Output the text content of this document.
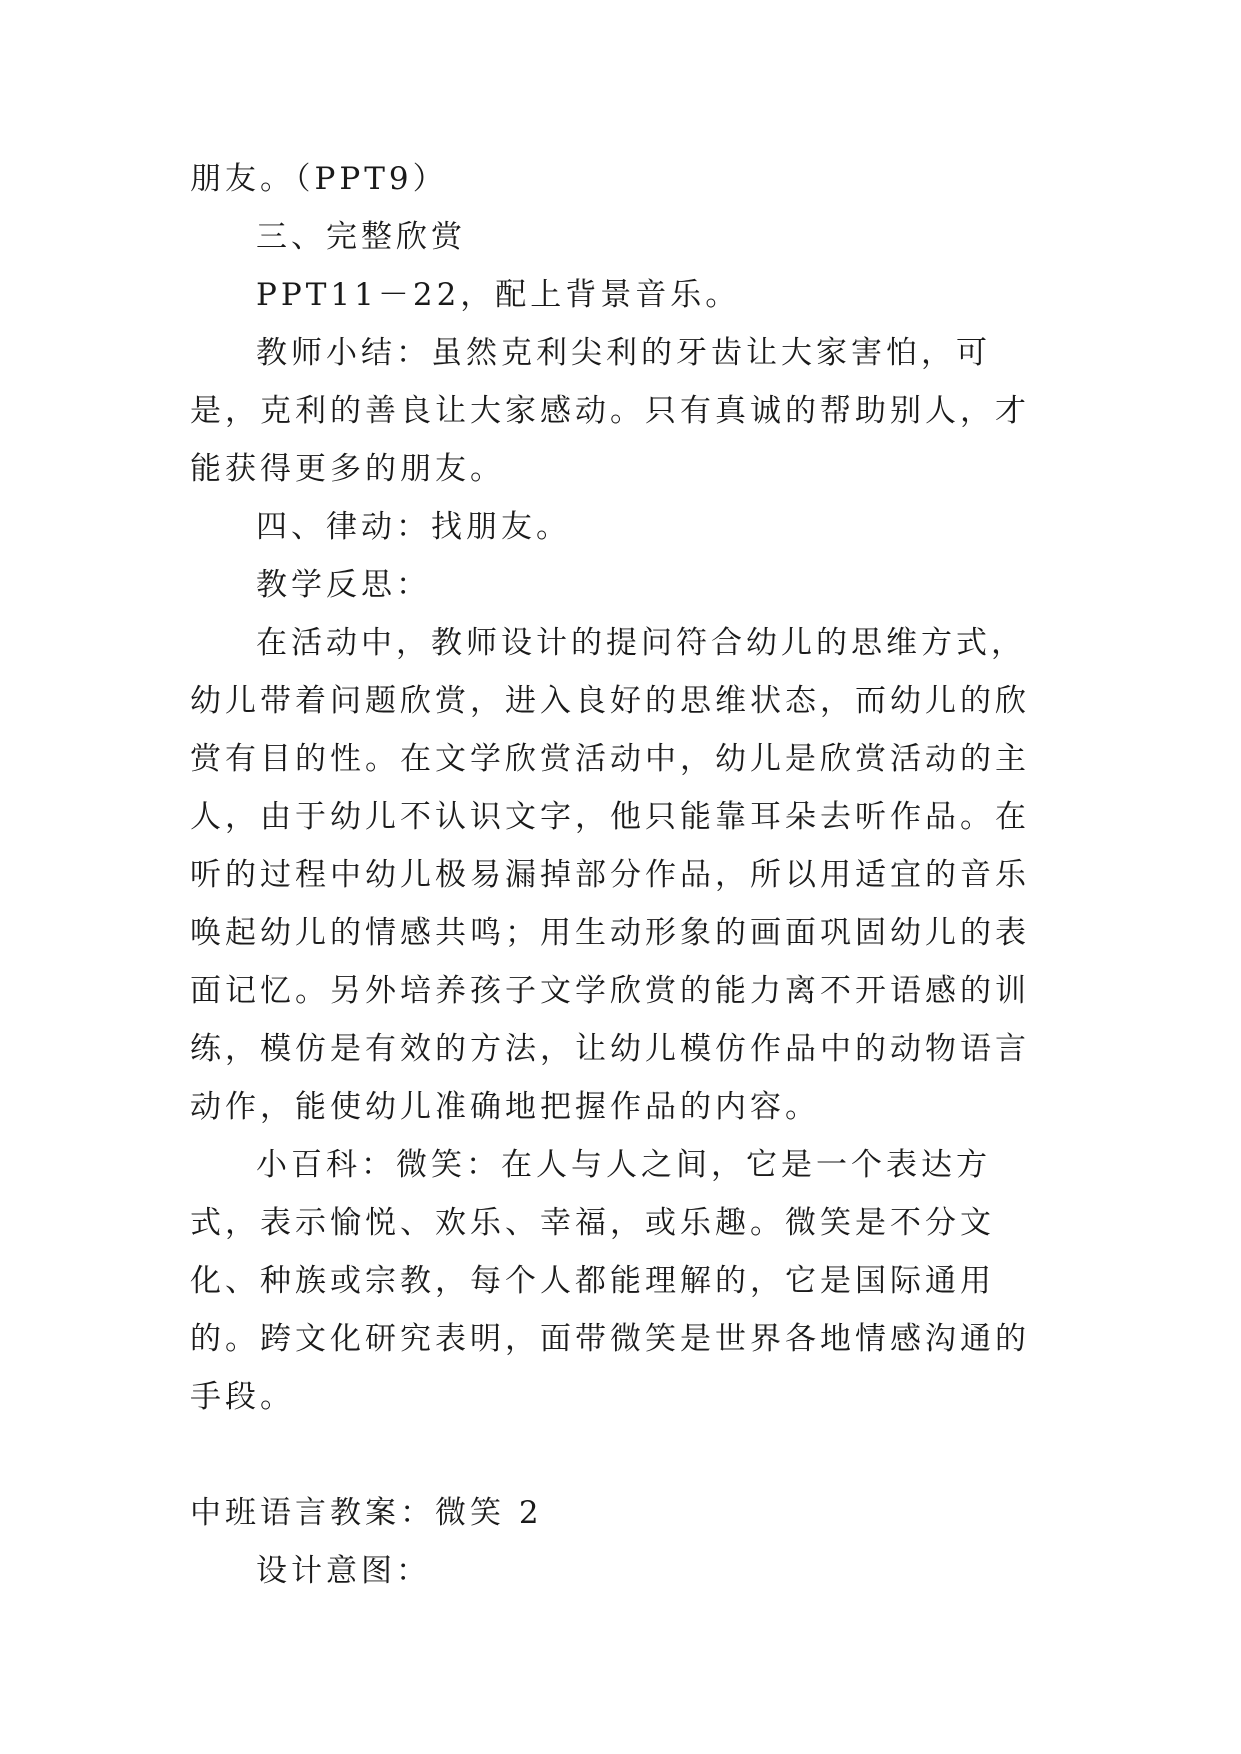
朋友。（PPT9）

三、完整欣赏

PPT11－22，配上背景音乐。

教师小结：虽然克利尖利的牙齿让大家害怕，可是，克利的善良让大家感动。只有真诚的帮助别人，才能获得更多的朋友。

四、律动：找朋友。

教学反思：

在活动中，教师设计的提问符合幼儿的思维方式，幼儿带着问题欣赏，进入良好的思维状态，而幼儿的欣赏有目的性。在文学欣赏活动中，幼儿是欣赏活动的主人，由于幼儿不认识文字，他只能靠耳朵去听作品。在听的过程中幼儿极易漏掉部分作品，所以用适宜的音乐唤起幼儿的情感共鸣；用生动形象的画面巩固幼儿的表面记忆。另外培养孩子文学欣赏的能力离不开语感的训练，模仿是有效的方法，让幼儿模仿作品中的动物语言动作，能使幼儿准确地把握作品的内容。

小百科：微笑：在人与人之间，它是一个表达方式，表示愉悦、欢乐、幸福，或乐趣。微笑是不分文化、种族或宗教，每个人都能理解的，它是国际通用的。跨文化研究表明，面带微笑是世界各地情感沟通的手段。

中班语言教案：微笑 2

设计意图：
